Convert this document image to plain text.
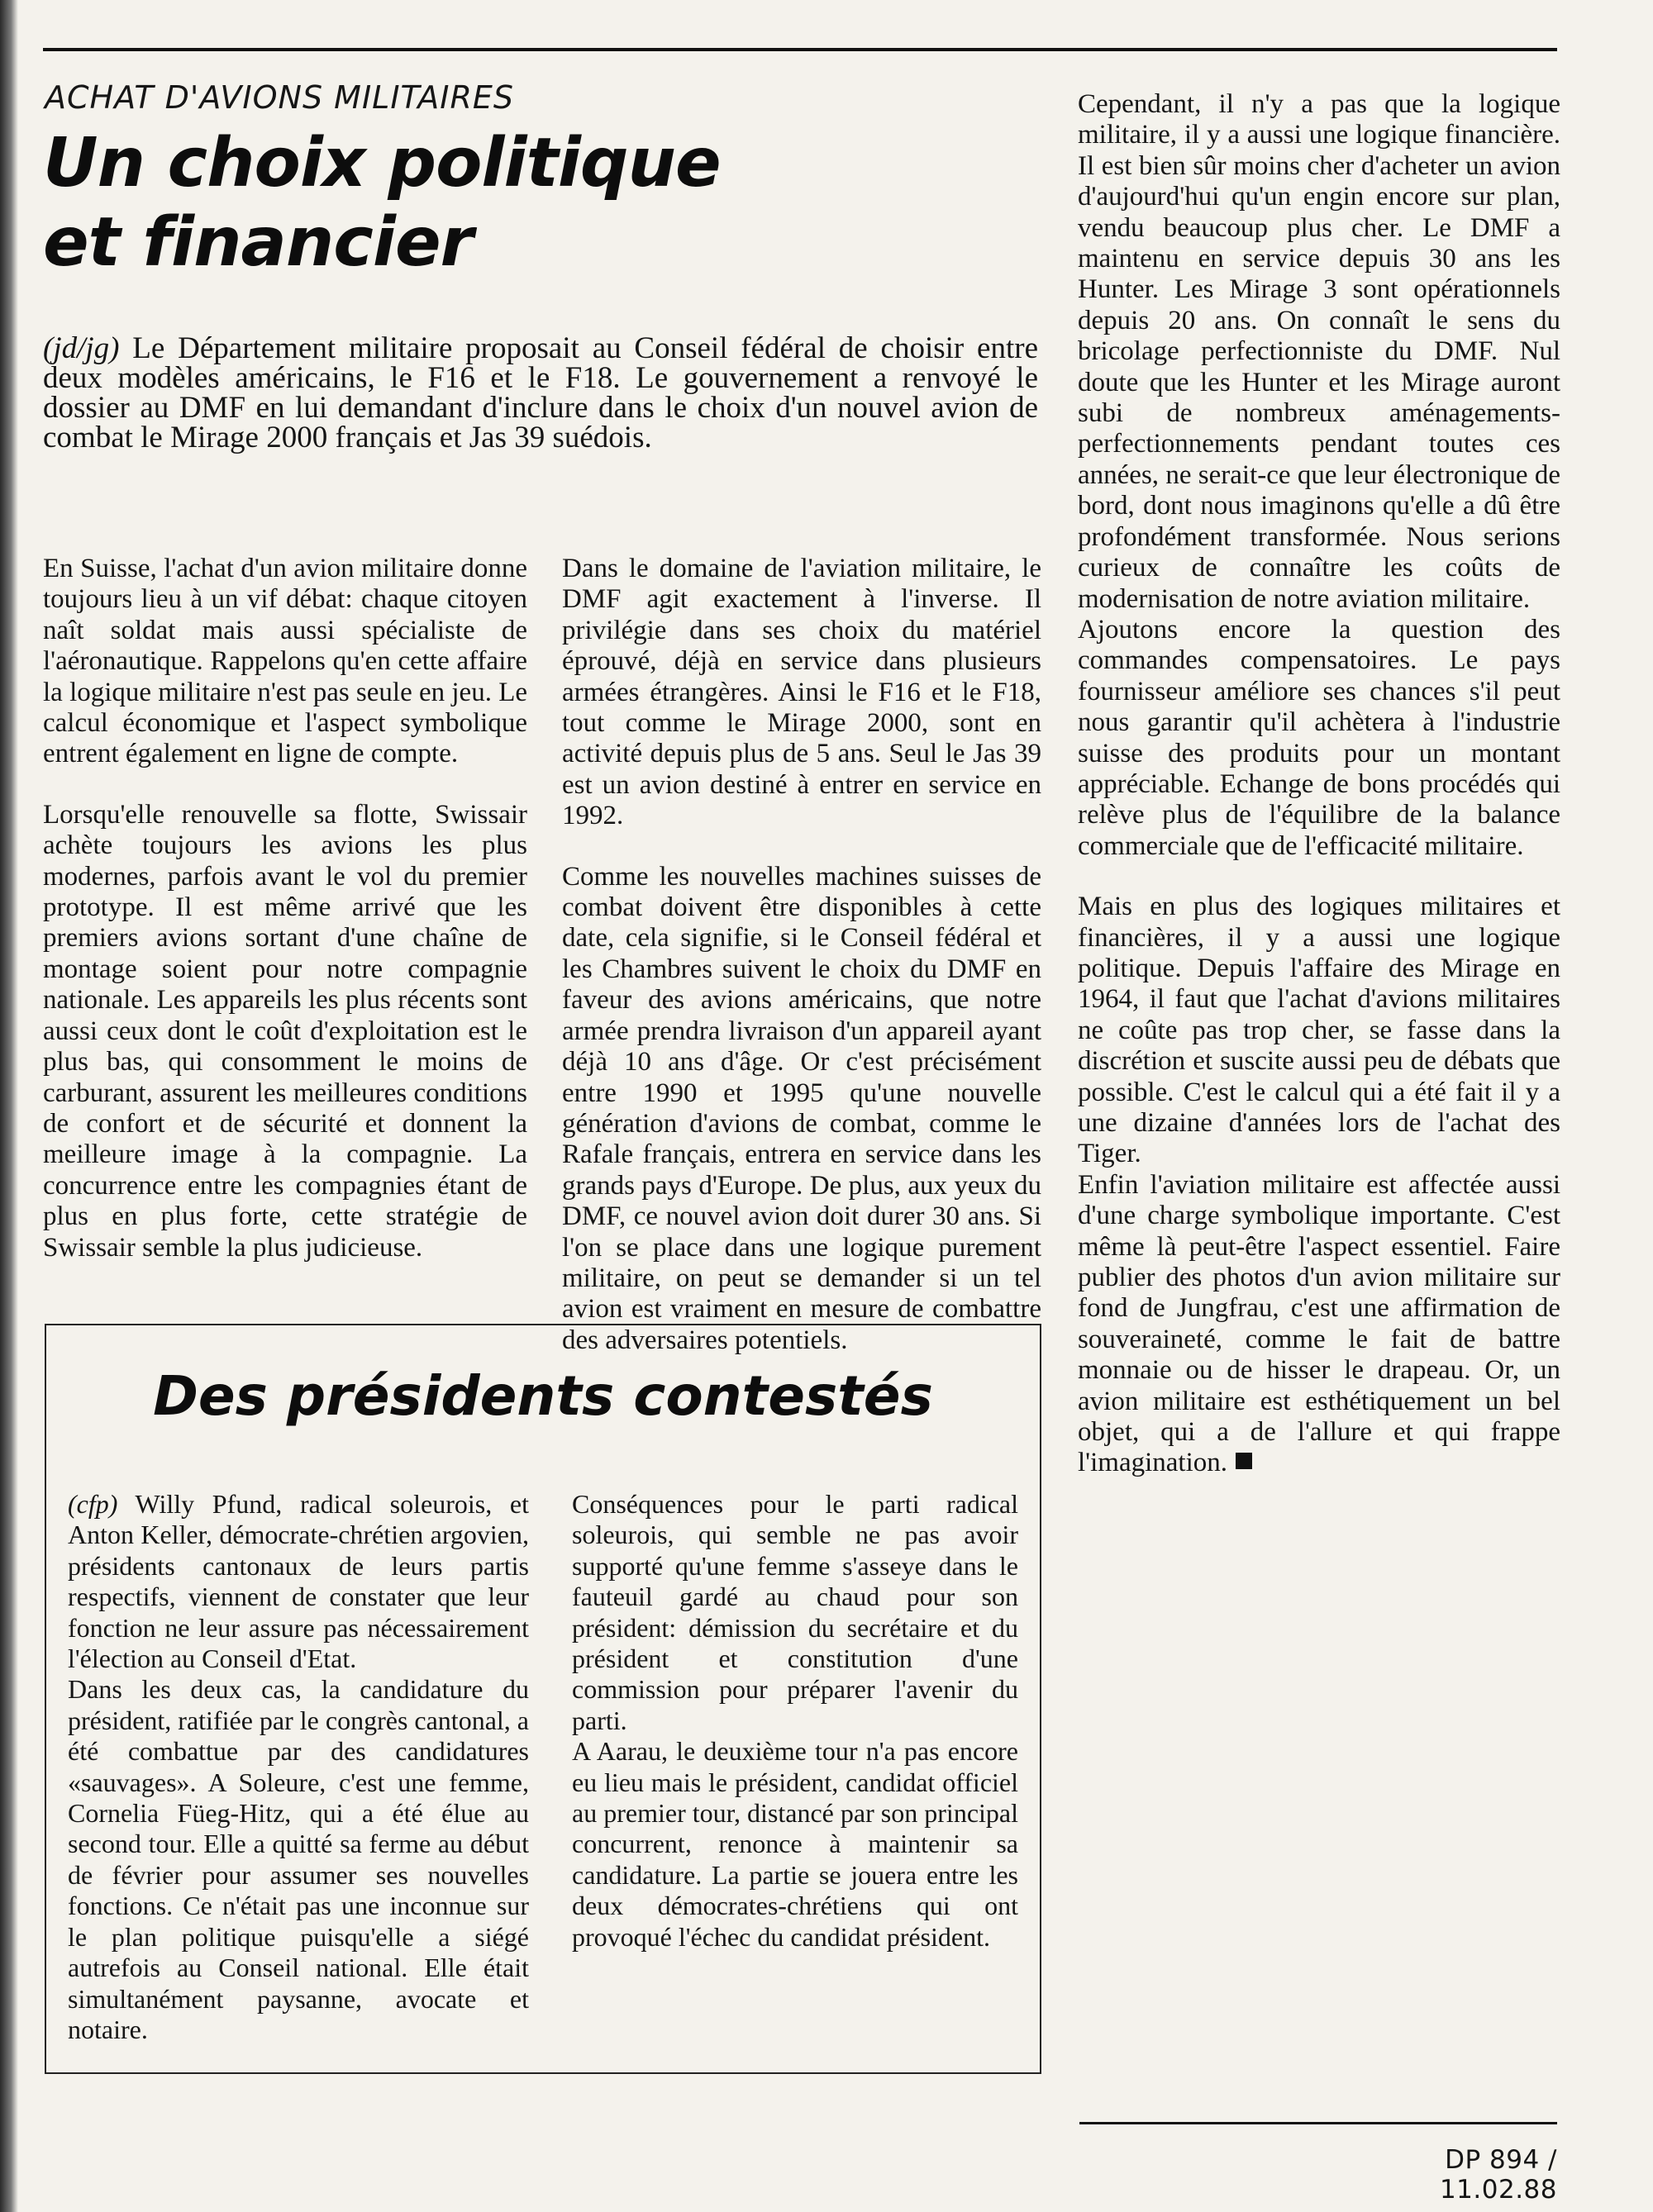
ACHAT D'AVIONS MILITAIRES
Un choix politique
et financier

(jd/jg) Le Département militaire proposait au Conseil fédéral de choisir entre deux modèles américains, le F16 et le F18. Le gouvernement a renvoyé le dossier au DMF en lui demandant d'inclure dans le choix d'un nouvel avion de combat le Mirage 2000 français et Jas 39 suédois.

En Suisse, l'achat d'un avion militaire donne toujours lieu à un vif débat: chaque citoyen naît soldat mais aussi spécialiste de l'aéronautique. Rappelons qu'en cette affaire la logique militaire n'est pas seule en jeu. Le calcul économique et l'aspect symbolique entrent également en ligne de compte.

Lorsqu'elle renouvelle sa flotte, Swissair achète toujours les avions les plus modernes, parfois avant le vol du premier prototype. Il est même arrivé que les premiers avions sortant d'une chaîne de montage soient pour notre compagnie nationale. Les appareils les plus récents sont aussi ceux dont le coût d'exploitation est le plus bas, qui consomment le moins de carburant, assurent les meilleures conditions de confort et de sécurité et donnent la meilleure image à la compagnie. La concurrence entre les compagnies étant de plus en plus forte, cette stratégie de Swissair semble la plus judicieuse.

Dans le domaine de l'aviation militaire, le DMF agit exactement à l'inverse. Il privilégie dans ses choix du matériel éprouvé, déjà en service dans plusieurs armées étrangères. Ainsi le F16 et le F18, tout comme le Mirage 2000, sont en activité depuis plus de 5 ans. Seul le Jas 39 est un avion destiné à entrer en service en 1992.

Comme les nouvelles machines suisses de combat doivent être disponibles à cette date, cela signifie, si le Conseil fédéral et les Chambres suivent le choix du DMF en faveur des avions américains, que notre armée prendra livraison d'un appareil ayant déjà 10 ans d'âge. Or c'est précisément entre 1990 et 1995 qu'une nouvelle génération d'avions de combat, comme le Rafale français, entrera en service dans les grands pays d'Europe. De plus, aux yeux du DMF, ce nouvel avion doit durer 30 ans. Si l'on se place dans une logique purement militaire, on peut se demander si un tel avion est vraiment en mesure de combattre des adversaires potentiels.

Cependant, il n'y a pas que la logique militaire, il y a aussi une logique financière. Il est bien sûr moins cher d'acheter un avion d'aujourd'hui qu'un engin encore sur plan, vendu beaucoup plus cher. Le DMF a maintenu en service depuis 30 ans les Hunter. Les Mirage 3 sont opérationnels depuis 20 ans. On connaît le sens du bricolage perfectionniste du DMF. Nul doute que les Hunter et les Mirage auront subi de nombreux aménagements-perfectionnements pendant toutes ces années, ne serait-ce que leur électronique de bord, dont nous imaginons qu'elle a dû être profondément transformée. Nous serions curieux de connaître les coûts de modernisation de notre aviation militaire.

Ajoutons encore la question des commandes compensatoires. Le pays fournisseur améliore ses chances s'il peut nous garantir qu'il achètera à l'industrie suisse des produits pour un montant appréciable. Echange de bons procédés qui relève plus de l'équilibre de la balance commerciale que de l'efficacité militaire.

Mais en plus des logiques militaires et financières, il y a aussi une logique politique. Depuis l'affaire des Mirage en 1964, il faut que l'achat d'avions militaires ne coûte pas trop cher, se fasse dans la discrétion et suscite aussi peu de débats que possible. C'est le calcul qui a été fait il y a une dizaine d'années lors de l'achat des Tiger.

Enfin l'aviation militaire est affectée aussi d'une charge symbolique importante. C'est même là peut-être l'aspect essentiel. Faire publier des photos d'un avion militaire sur fond de Jungfrau, c'est une affirmation de souveraineté, comme le fait de battre monnaie ou de hisser le drapeau. Or, un avion militaire est esthétiquement un bel objet, qui a de l'allure et qui frappe l'imagination.

Des présidents contestés

(cfp) Willy Pfund, radical soleurois, et Anton Keller, démocrate-chrétien argovien, présidents cantonaux de leurs partis respectifs, viennent de constater que leur fonction ne leur assure pas nécessairement l'élection au Conseil d'Etat.

Dans les deux cas, la candidature du président, ratifiée par le congrès cantonal, a été combattue par des candidatures «sauvages». A Soleure, c'est une femme, Cornelia Füeg-Hitz, qui a été élue au second tour. Elle a quitté sa ferme au début de février pour assumer ses nouvelles fonctions. Ce n'était pas une inconnue sur le plan politique puisqu'elle a siégé autrefois au Conseil national. Elle était simultanément paysanne, avocate et notaire.

Conséquences pour le parti radical soleurois, qui semble ne pas avoir supporté qu'une femme s'asseye dans le fauteuil gardé au chaud pour son président: démission du secrétaire et du président et constitution d'une commission pour préparer l'avenir du parti.

A Aarau, le deuxième tour n'a pas encore eu lieu mais le président, candidat officiel au premier tour, distancé par son principal concurrent, renonce à maintenir sa candidature. La partie se jouera entre les deux démocrates-chrétiens qui ont provoqué l'échec du candidat président.

DP 894 / 11.02.88
